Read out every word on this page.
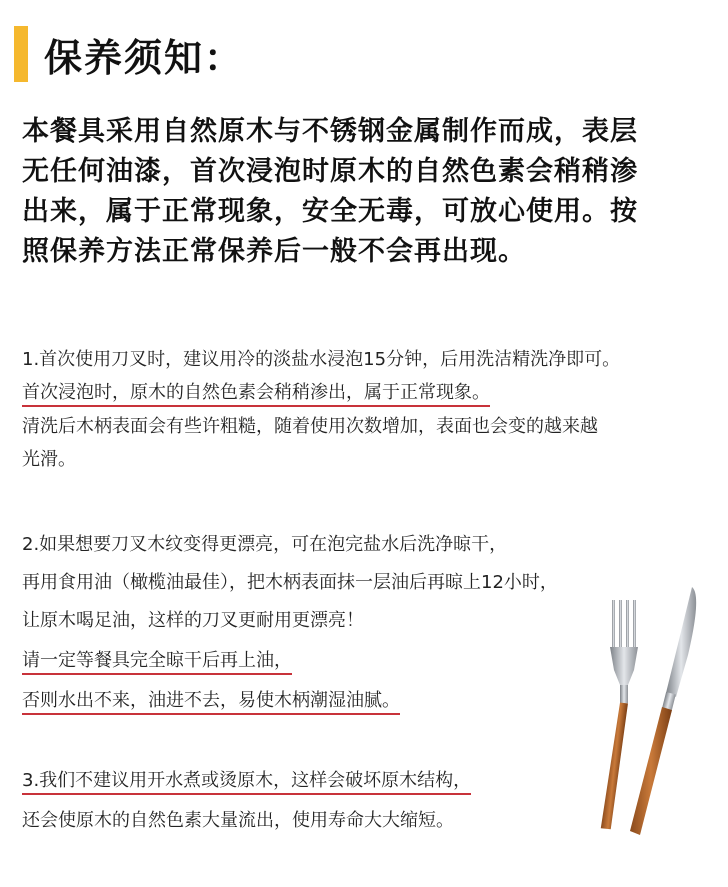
保养须知：
本餐具采用自然原木与不锈钢金属制作而成，表层
无任何油漆，首次浸泡时原木的自然色素会稍稍渗
出来，属于正常现象，安全无毒，可放心使用。按
照保养方法正常保养后一般不会再出现。
1.首次使用刀叉时，建议用冷的淡盐水浸泡15分钟，后用洗洁精洗净即可。
首次浸泡时，原木的自然色素会稍稍渗出，属于正常现象。
清洗后木柄表面会有些许粗糙，随着使用次数增加，表面也会变的越来越
光滑。
2.如果想要刀叉木纹变得更漂亮，可在泡完盐水后洗净晾干，
再用食用油（橄榄油最佳），把木柄表面抹一层油后再晾上12小时，
让原木喝足油，这样的刀叉更耐用更漂亮！
请一定等餐具完全晾干后再上油，
否则水出不来，油进不去，易使木柄潮湿油腻。
3.我们不建议用开水煮或烫原木，这样会破坏原木结构，
还会使原木的自然色素大量流出，使用寿命大大缩短。
